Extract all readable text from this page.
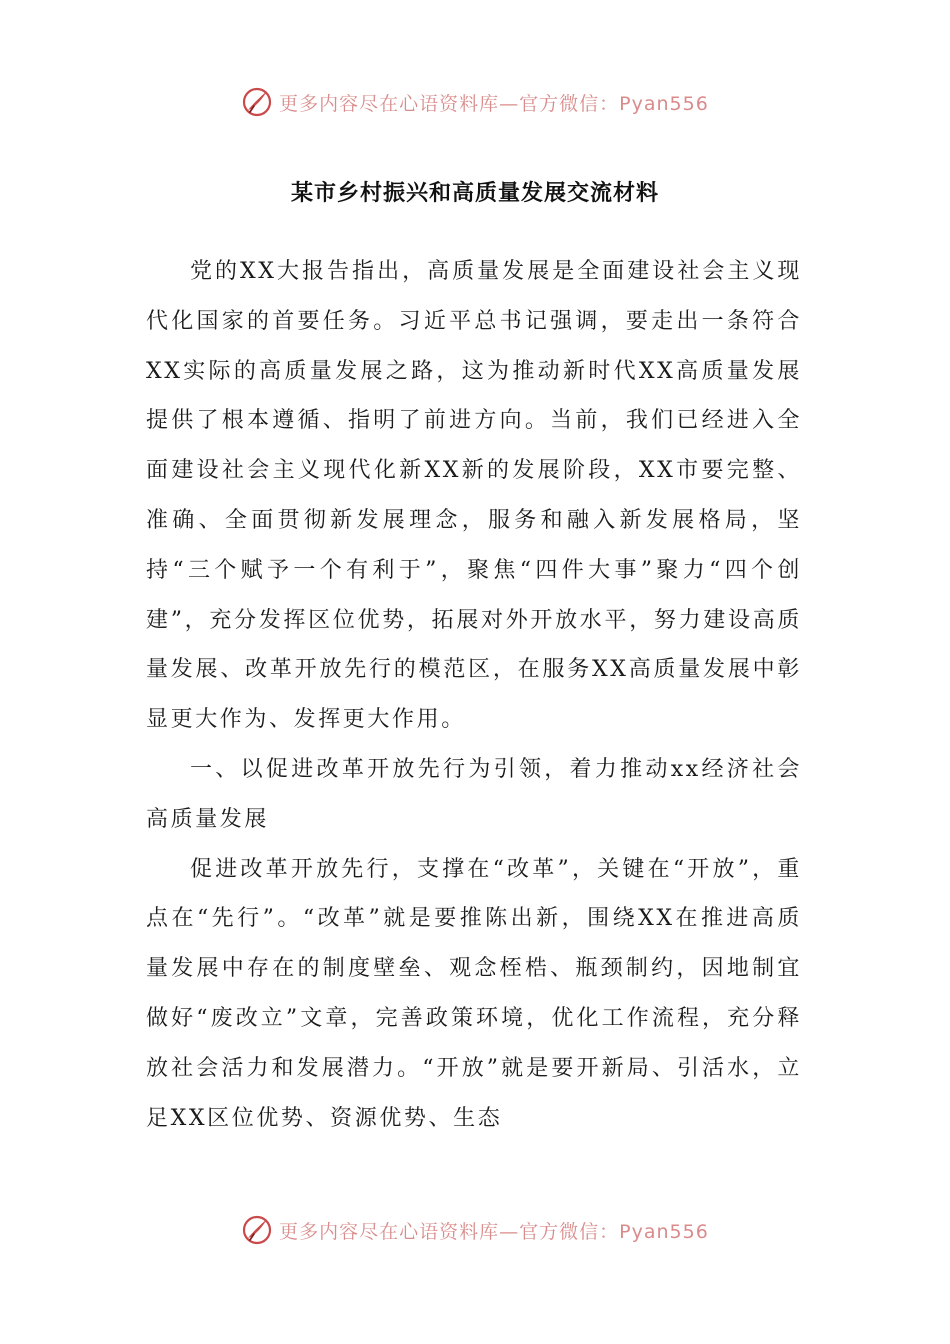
更多内容尽在心语资料库—官方微信：Pyan556
某市乡村振兴和高质量发展交流材料

党的XX大报告指出，高质量发展是全面建设社会主义现代化国家的首要任务。习近平总书记强调，要走出一条符合XX实际的高质量发展之路，这为推动新时代XX高质量发展提供了根本遵循、指明了前进方向。当前，我们已经进入全面建设社会主义现代化新XX新的发展阶段，XX市要完整、准确、全面贯彻新发展理念，服务和融入新发展格局，坚持“三个赋予一个有利于”，聚焦“四件大事”聚力“四个创建”，充分发挥区位优势，拓展对外开放水平，努力建设高质量发展、改革开放先行的模范区，在服务XX高质量发展中彰显更大作为、发挥更大作用。

一、以促进改革开放先行为引领，着力推动xx经济社会高质量发展

促进改革开放先行，支撑在“改革”，关键在“开放”，重点在“先行”。“改革”就是要推陈出新，围绕XX在推进高质量发展中存在的制度壁垒、观念桎梏、瓶颈制约，因地制宜做好“废改立”文章，完善政策环境，优化工作流程，充分释放社会活力和发展潜力。“开放”就是要开新局、引活水，立足XX区位优势、资源优势、生态

更多内容尽在心语资料库—官方微信：Pyan556
